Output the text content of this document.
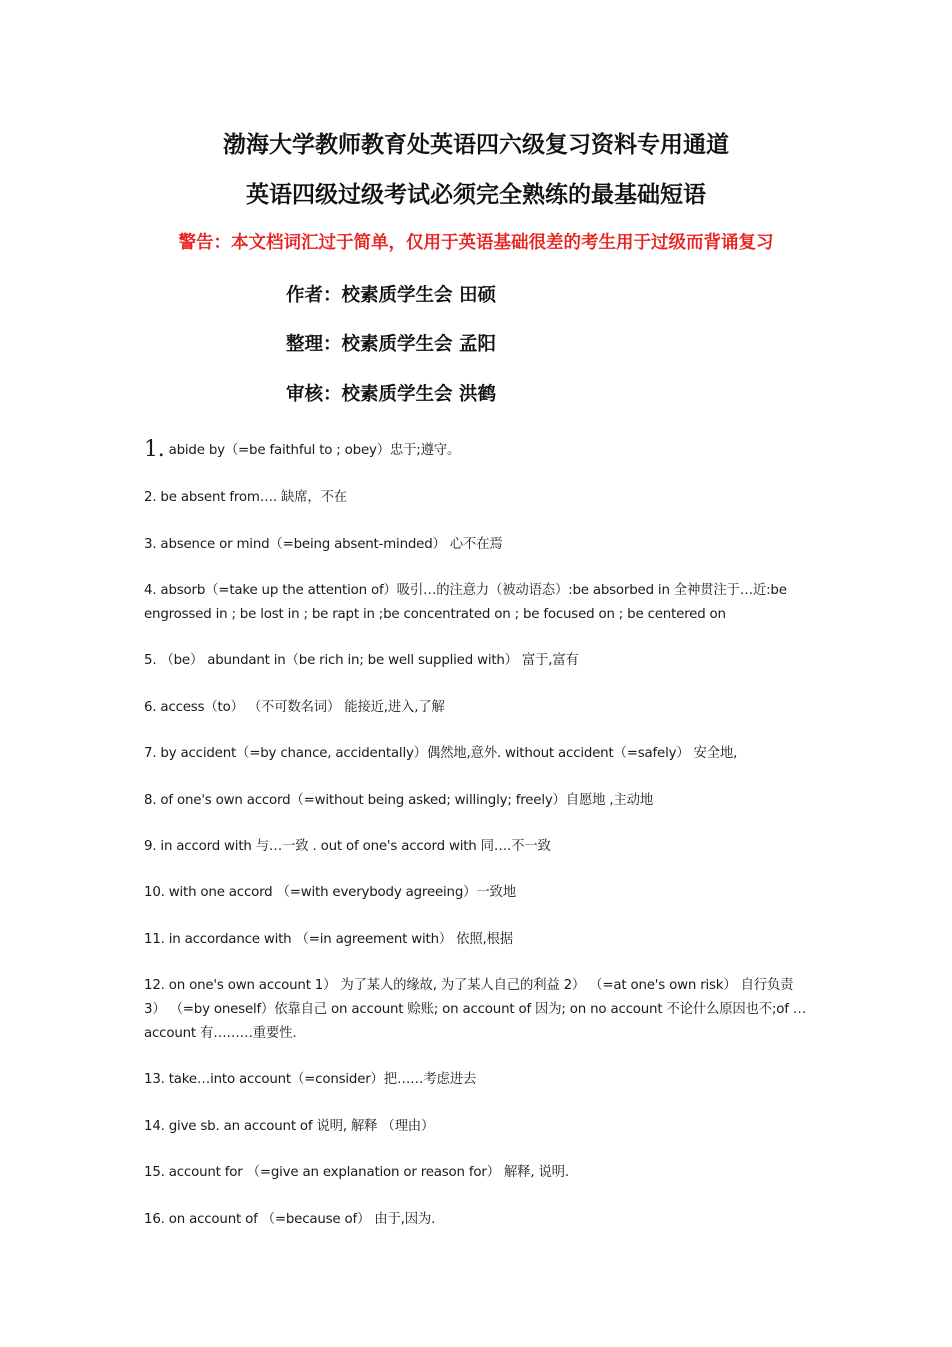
渤海大学教师教育处英语四六级复习资料专用通道
英语四级过级考试必须完全熟练的最基础短语
警告：本文档词汇过于简单，仅用于英语基础很差的考生用于过级而背诵复习
作者：校素质学生会 田硕
整理：校素质学生会 孟阳
审核：校素质学生会 洪鹤

1. abide by（=be faithful to ; obey）忠于;遵守。

2. be absent from…. 缺席，不在

3. absence or mind（=being absent-minded） 心不在焉

4. absorb（=take up the attention of）吸引…的注意力（被动语态）:be absorbed in 全神贯注于…近:be engrossed in ; be lost in ; be rapt in ;be concentrated on ; be focused on ; be centered on

5. （be） abundant in（be rich in; be well supplied with） 富于,富有

6. access（to） （不可数名词） 能接近,进入,了解

7. by accident（=by chance, accidentally）偶然地,意外. without accident（=safely） 安全地,

8. of one's own accord（=without being asked; willingly; freely）自愿地 ,主动地

9. in accord with 与…一致 . out of one's accord with 同….不一致

10. with one accord （=with everybody agreeing）一致地

11. in accordance with （=in agreement with） 依照,根据

12. on one's own account 1） 为了某人的缘故, 为了某人自己的利益 2） （=at one's own risk） 自行负责 3） （=by oneself）依靠自己 on account 赊账; on account of 因为; on no account 不论什么原因也不;of …account 有………重要性.

13. take…into account（=consider）把……考虑进去

14. give sb. an account of 说明, 解释 （理由）

15. account for （=give an explanation or reason for） 解释, 说明.

16. on account of （=because of） 由于,因为.
